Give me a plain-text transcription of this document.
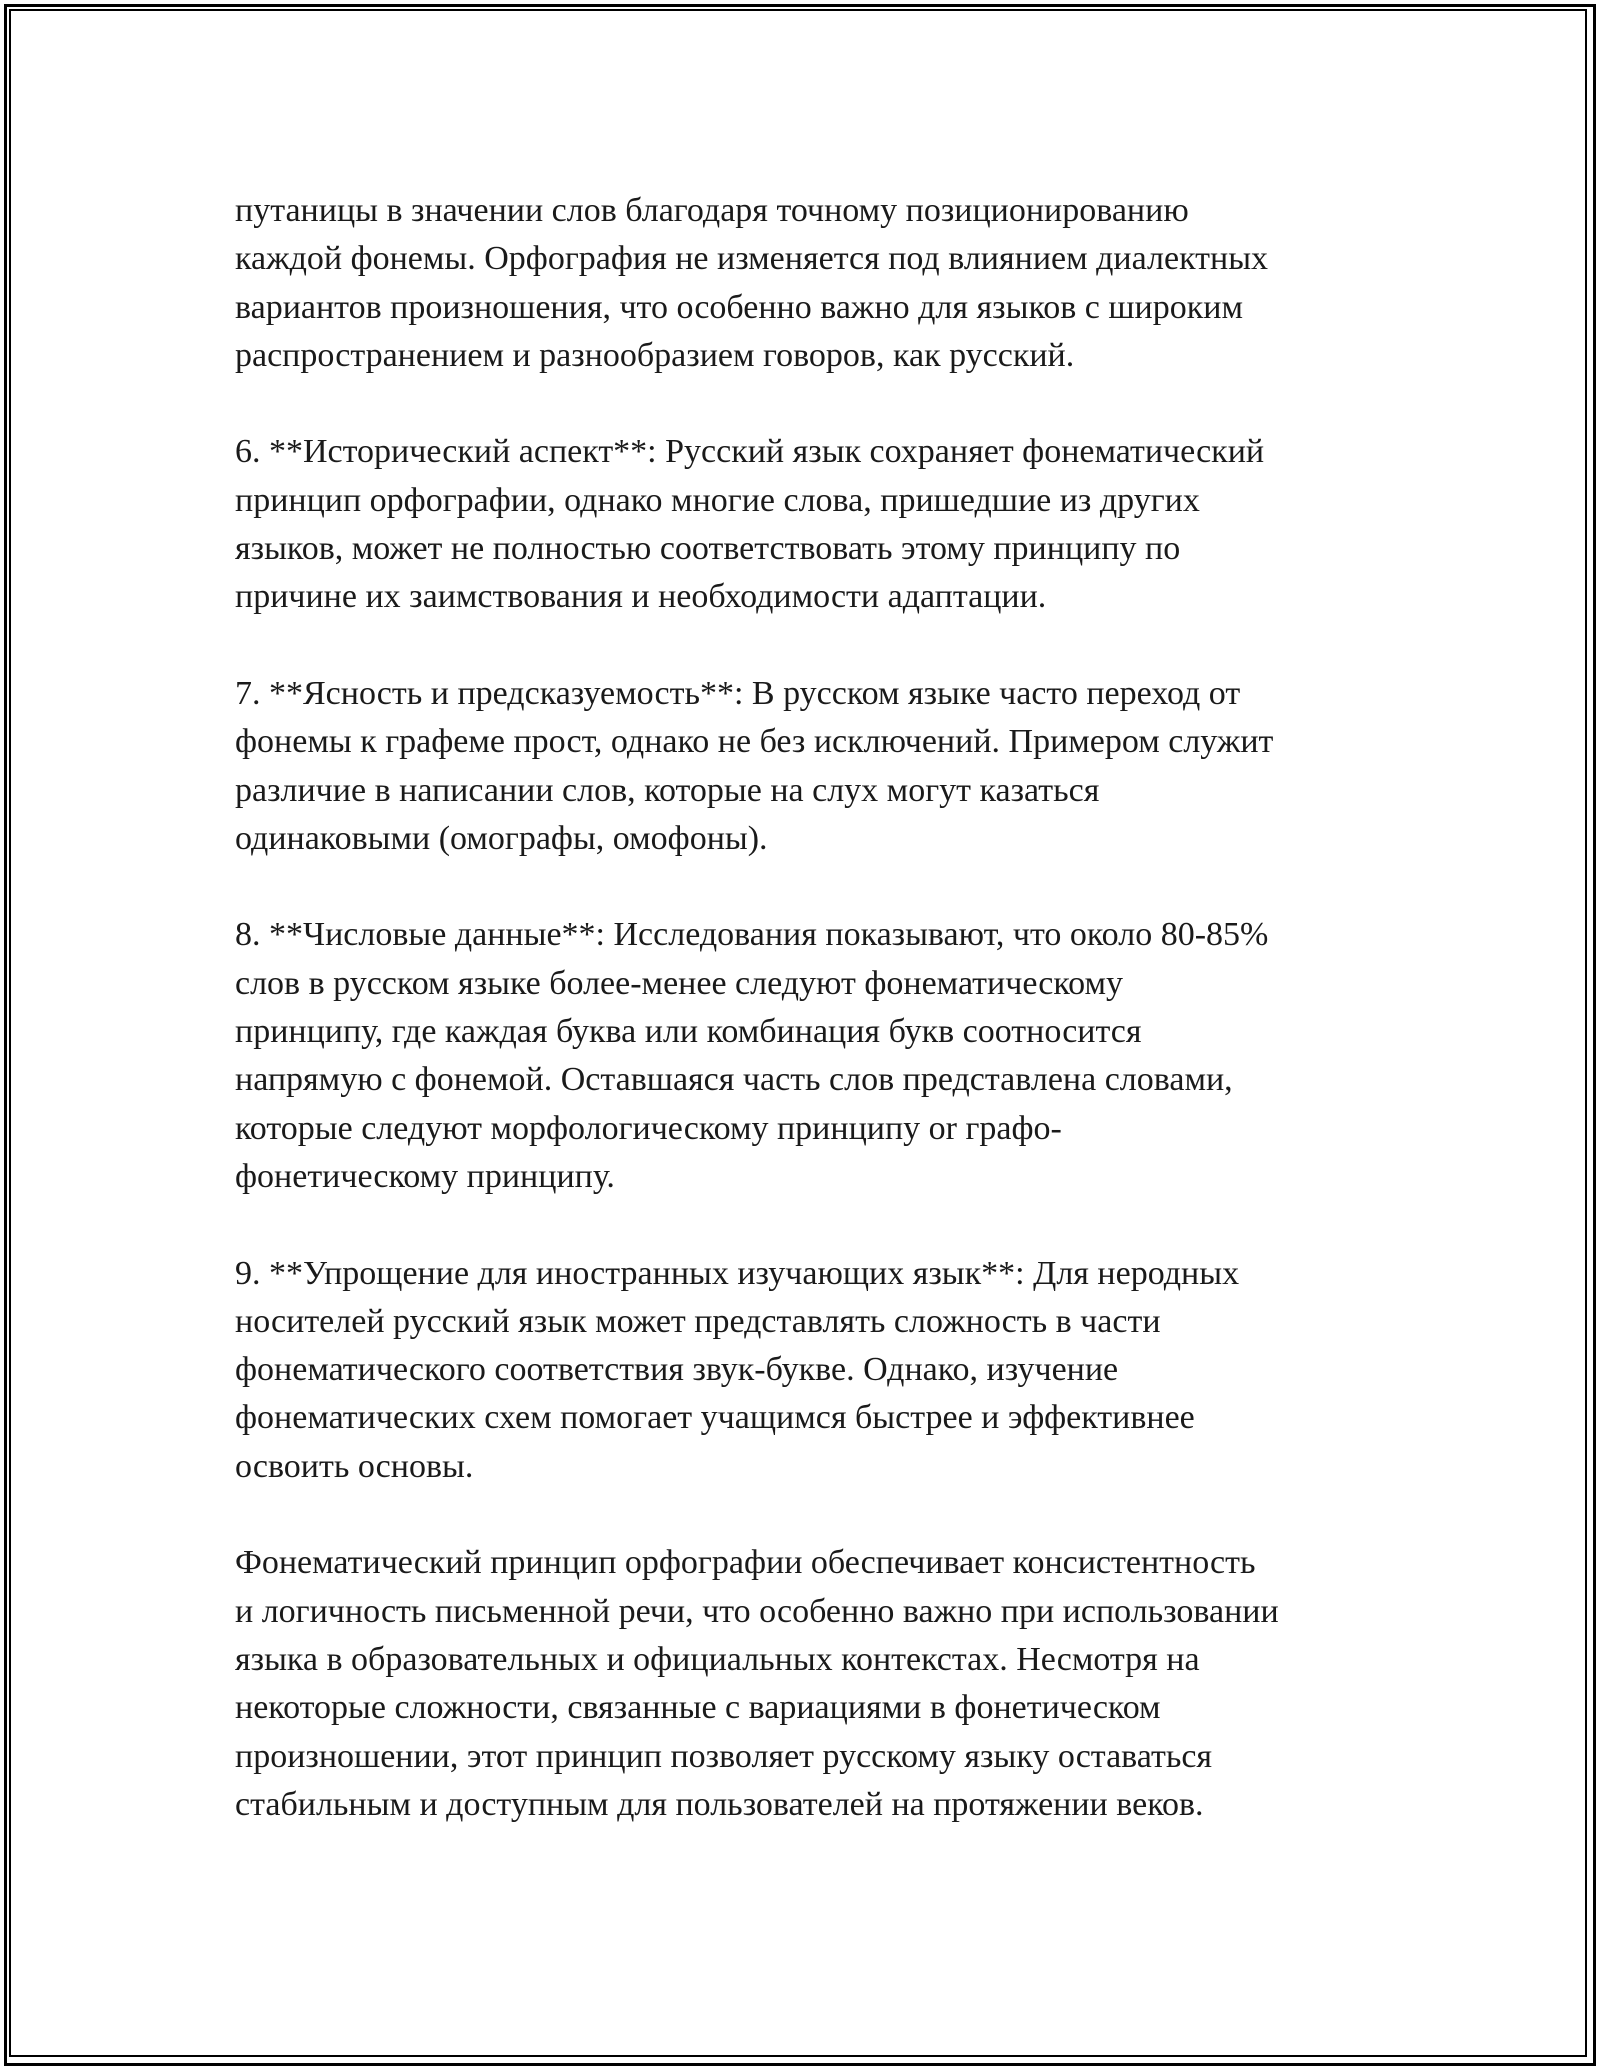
путаницы в значении слов благодаря точному позиционированию
каждой фонемы. Орфография не изменяется под влиянием диалектных
вариантов произношения, что особенно важно для языков с широким
распространением и разнообразием говоров, как русский.

6. **Исторический аспект**: Русский язык сохраняет фонематический
принцип орфографии, однако многие слова, пришедшие из других
языков, может не полностью соответствовать этому принципу по
причине их заимствования и необходимости адаптации.

7. **Ясность и предсказуемость**: В русском языке часто переход от
фонемы к графеме прост, однако не без исключений. Примером служит
различие в написании слов, которые на слух могут казаться
одинаковыми (омографы, омофоны).

8. **Числовые данные**: Исследования показывают, что около 80-85%
слов в русском языке более-менее следуют фонематическому
принципу, где каждая буква или комбинация букв соотносится
напрямую с фонемой. Оставшаяся часть слов представлена словами,
которые следуют морфологическому принципу or графо-
фонетическому принципу.

9. **Упрощение для иностранных изучающих язык**: Для неродных
носителей русский язык может представлять сложность в части
фонематического соответствия звук-букве. Однако, изучение
фонематических схем помогает учащимся быстрее и эффективнее
освоить основы.

Фонематический принцип орфографии обеспечивает консистентность
и логичность письменной речи, что особенно важно при использовании
языка в образовательных и официальных контекстах. Несмотря на
некоторые сложности, связанные с вариациями в фонетическом
произношении, этот принцип позволяет русскому языку оставаться
стабильным и доступным для пользователей на протяжении веков.
